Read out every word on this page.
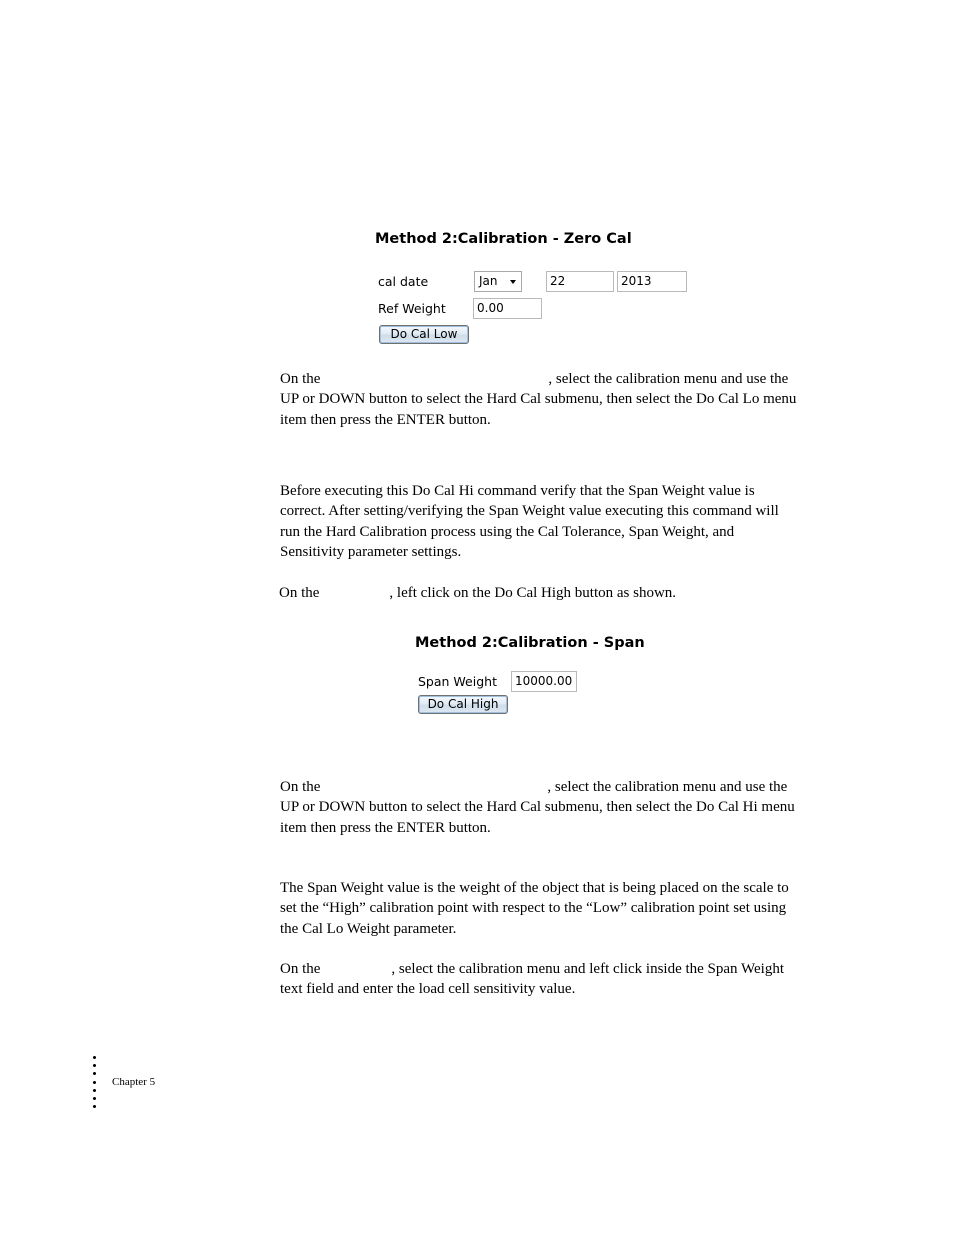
Method 2:Calibration - Zero Cal
cal date	Jan	22	2013
Ref Weight	0.00
Do Cal Low
On the	, select the calibration menu and use the
UP or DOWN button to select the Hard Cal submenu, then select the Do Cal Lo menu
item then press the ENTER button.
Before executing this Do Cal Hi command verify that the Span Weight value is
correct. After setting/verifying the Span Weight value executing this command will
run the Hard Calibration process using the Cal Tolerance, Span Weight, and
Sensitivity parameter settings.
On the	, left click on the Do Cal High button as shown.
Method 2:Calibration - Span
Span Weight	10000.00
Do Cal High
On the	, select the calibration menu and use the
UP or DOWN button to select the Hard Cal submenu, then select the Do Cal Hi menu
item then press the ENTER button.
The Span Weight value is the weight of the object that is being placed on the scale to
set the “High” calibration point with respect to the “Low” calibration point set using
the Cal Lo Weight parameter.
On the	, select the calibration menu and left click inside the Span Weight
text field and enter the load cell sensitivity value.
Chapter 5
